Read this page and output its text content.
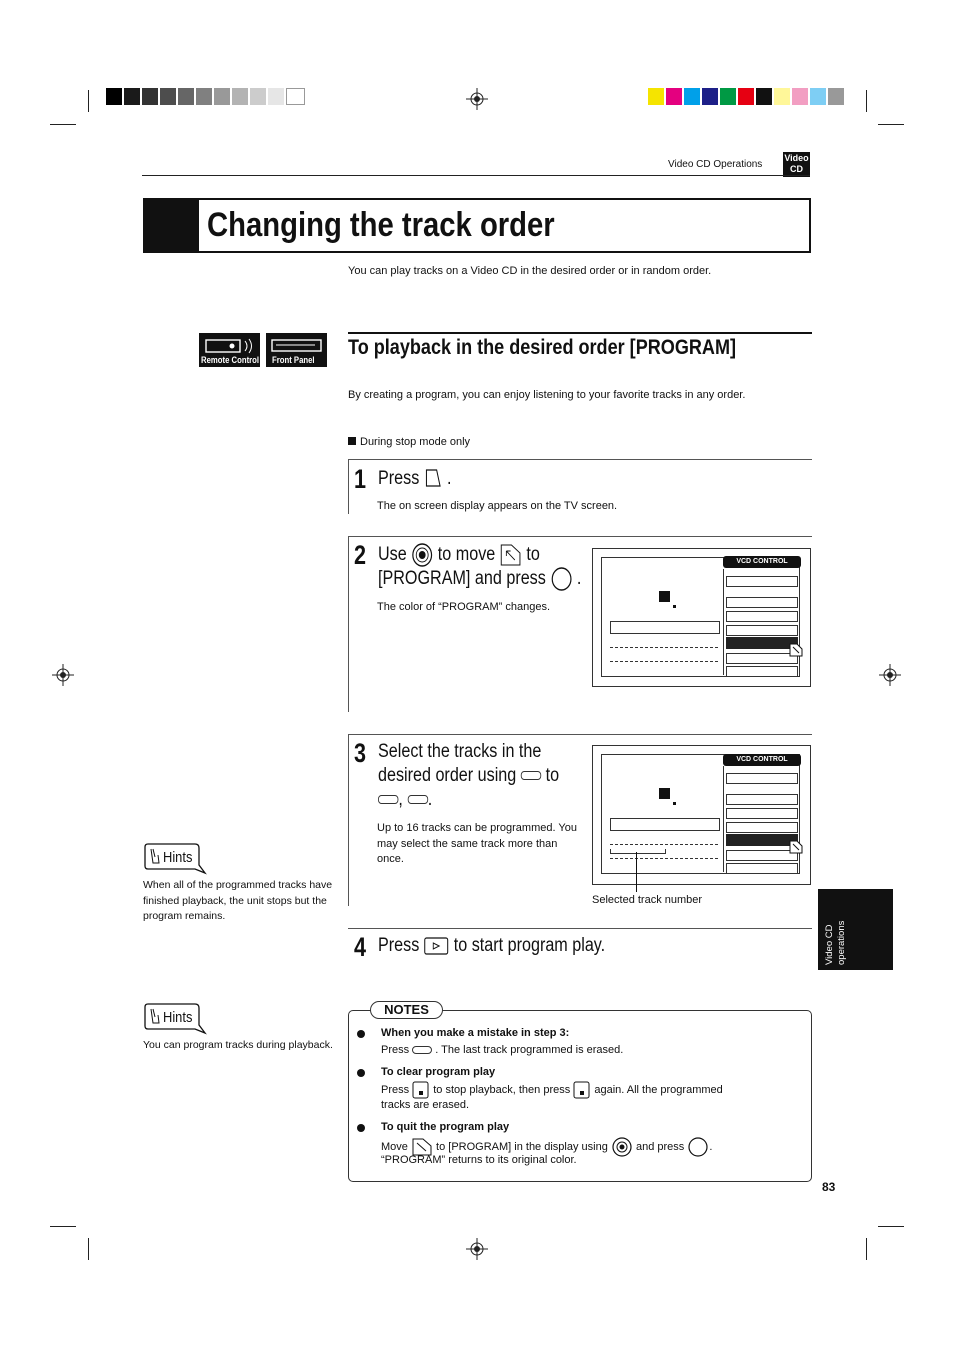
Video CD Operations
Video
CD
Changing the track order
You can play tracks on a Video CD in the desired order or in random order.
Remote Control Front Panel
To playback in the desired order [PROGRAM]
By creating a program, you can enjoy listening to your favorite tracks in any order.
During stop mode only
1 Press .
The on screen display appears on the TV screen.
2 Use to move to
[PROGRAM] and press .
The color of “PROGRAM” changes.
VCD CONTROL
3 Select the tracks in the
desired order using to
, .
Up to 16 tracks can be programmed. You may select the same track more than once.
VCD CONTROL
Selected track number
4 Press to start program play.
Hints
When all of the programmed tracks have finished playback, the unit stops but the program remains.
Hints
You can program tracks during playback.
NOTES
When you make a mistake in step 3:
Press . The last track programmed is erased.
To clear program play
Press to stop playback, then press again. All the programmed
tracks are erased.
To quit the program play
Move	to [PROGRAM] in the display using	and press .
“PROGRAM” returns to its original color.
Video CD operations
83
